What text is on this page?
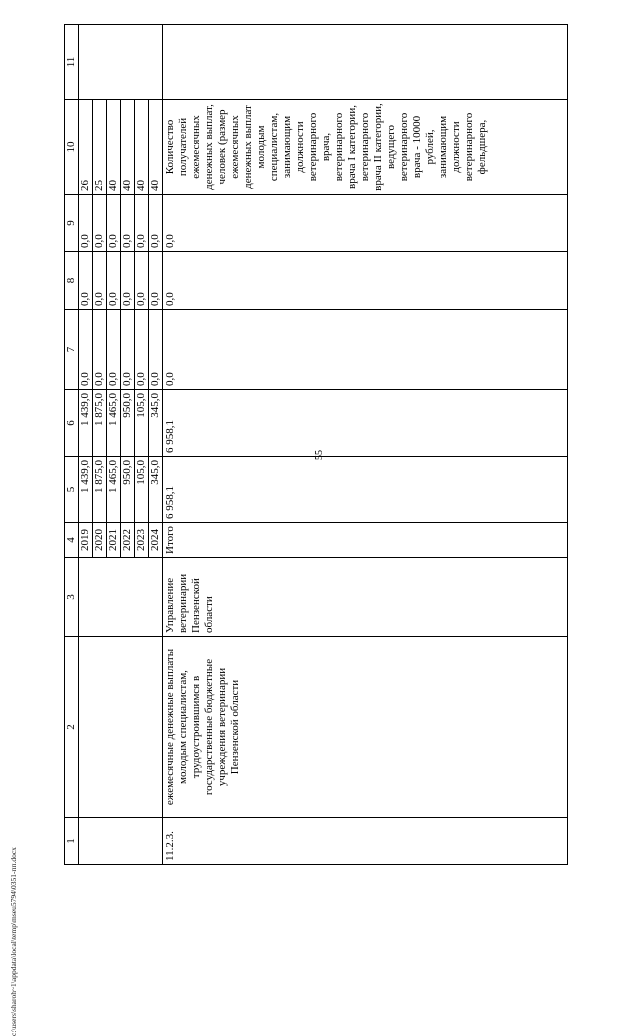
55
c:\users\sharoh~1\appdata\local\temp\mseu5794\0351-пп.docx
1	2	3	4	5	6	7	8	9	10	11
			2019	1 439,0	1 439,0	0,0	0,0	0,0	26	
			2020	1 875,0	1 875,0	0,0	0,0	0,0	25	
			2021	1 465,0	1 465,0	0,0	0,0	0,0	40	
			2022	950,0	950,0	0,0	0,0	0,0	40	
			2023	105,0	105,0	0,0	0,0	0,0	40	
			2024	345,0	345,0	0,0	0,0	0,0	40	
11.2.3.	ежемесячные денежные выплаты молодым специалистам, трудоустроившимся в государственные бюджетные учреждения ветеринарии Пензенской области	Управление ветеринарии Пензенской области	Итого	6 958,1	6 958,1	0,0	0,0	0,0	Количество получателей ежемесячных денежных выплат, человек (размер ежемесячных денежных выплат молодым специалистам, занимающим должности ветеринарного врача, ветеринарного врача I категории, ветеринарного врача II категории, ведущего ветеринарного врача - 10000 рублей, занимающим должности ветеринарного фельдшера,	
